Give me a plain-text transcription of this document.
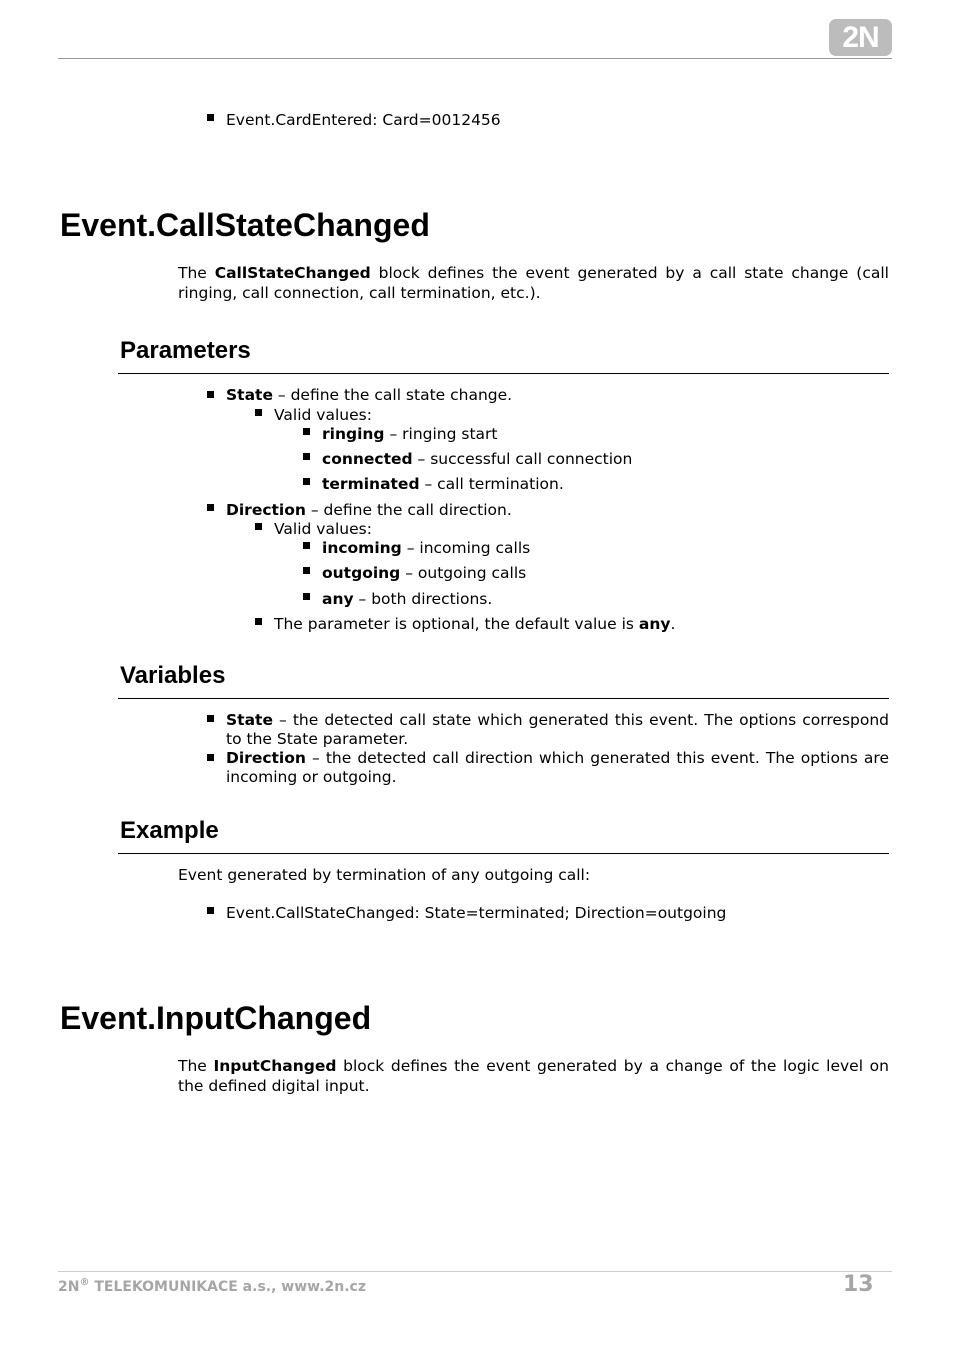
2N
Event.CardEntered: Card=0012456
Event.CallStateChanged
The CallStateChanged block defines the event generated by a call state change (call ringing, call connection, call termination, etc.).
Parameters
State – define the call state change.
Valid values:
ringing – ringing start
connected – successful call connection
terminated – call termination.
Direction – define the call direction.
Valid values:
incoming – incoming calls
outgoing – outgoing calls
any – both directions.
The parameter is optional, the default value is any.
Variables
State – the detected call state which generated this event. The options correspond to the State parameter.
Direction – the detected call direction which generated this event. The options are incoming or outgoing.
Example
Event generated by termination of any outgoing call:
Event.CallStateChanged: State=terminated; Direction=outgoing
Event.InputChanged
The InputChanged block defines the event generated by a change of the logic level on the defined digital input.
2N® TELEKOMUNIKACE a.s., www.2n.cz	13
